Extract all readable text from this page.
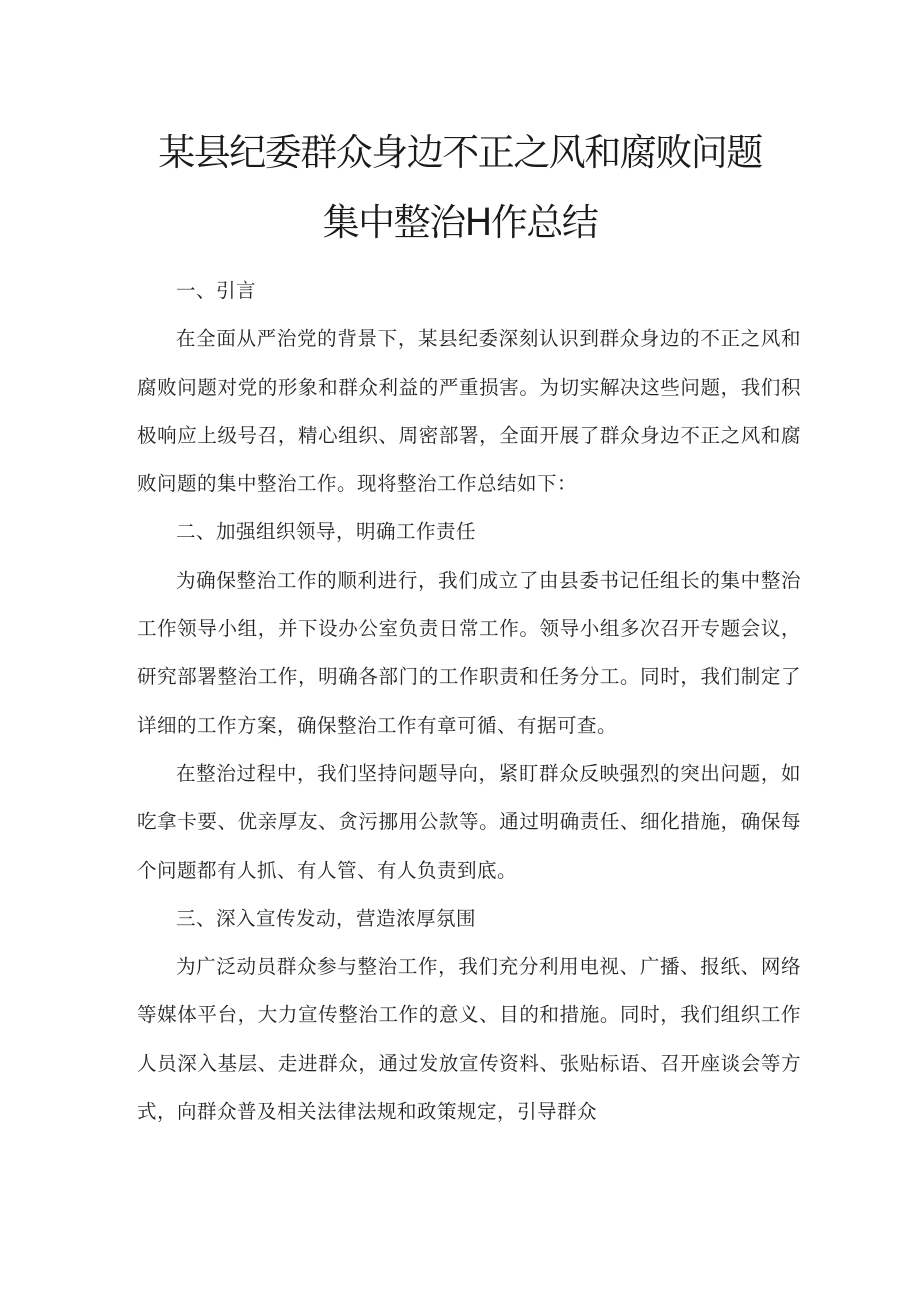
某县纪委群众身边不正之风和腐败问题
集中整治H作总结

一、引言

在全面从严治党的背景下，某县纪委深刻认识到群众身边的不正之风和腐败问题对党的形象和群众利益的严重损害。为切实解决这些问题，我们积极响应上级号召，精心组织、周密部署，全面开展了群众身边不正之风和腐败问题的集中整治工作。现将整治工作总结如下：

二、加强组织领导，明确工作责任

为确保整治工作的顺利进行，我们成立了由县委书记任组长的集中整治工作领导小组，并下设办公室负责日常工作。领导小组多次召开专题会议，研究部署整治工作，明确各部门的工作职责和任务分工。同时，我们制定了详细的工作方案，确保整治工作有章可循、有据可查。

在整治过程中，我们坚持问题导向，紧盯群众反映强烈的突出问题，如吃拿卡要、优亲厚友、贪污挪用公款等。通过明确责任、细化措施，确保每个问题都有人抓、有人管、有人负责到底。

三、深入宣传发动，营造浓厚氛围

为广泛动员群众参与整治工作，我们充分利用电视、广播、报纸、网络等媒体平台，大力宣传整治工作的意义、目的和措施。同时，我们组织工作人员深入基层、走进群众，通过发放宣传资料、张贴标语、召开座谈会等方式，向群众普及相关法律法规和政策规定，引导群众
